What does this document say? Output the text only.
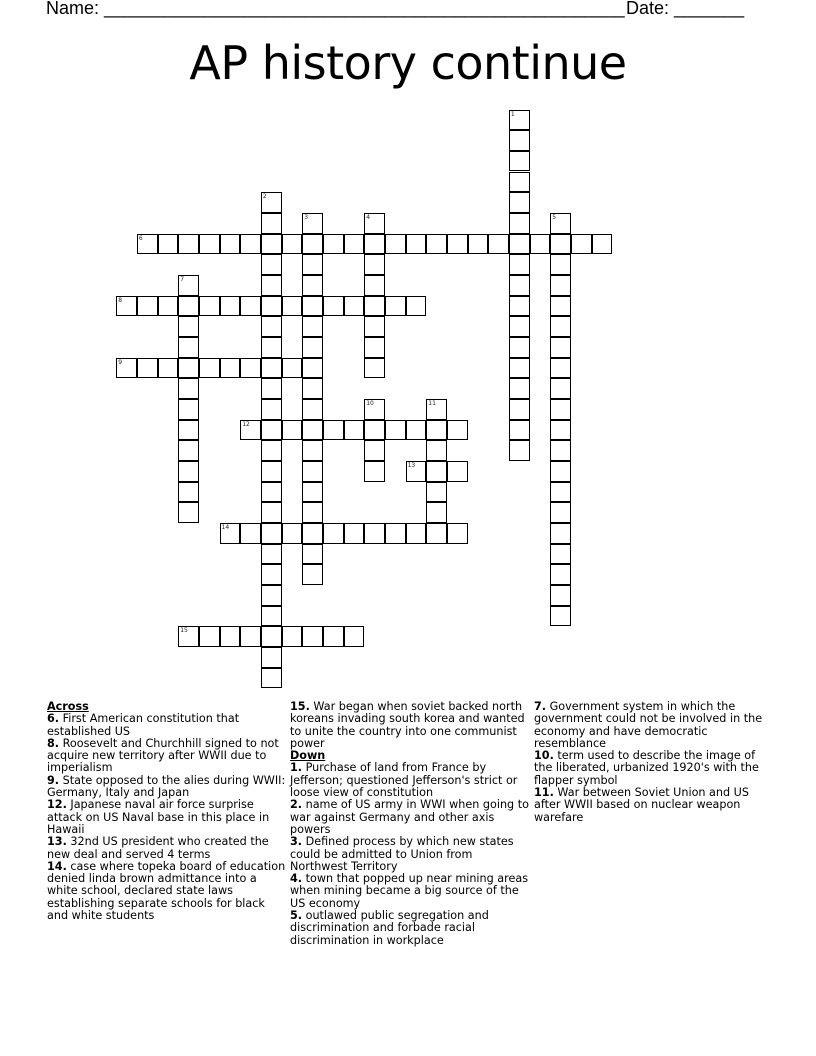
Name: ____________________________________________________ Date: _______
AP history continue
1
2
3	4	5
6
7
8
9
10	11
12
13
14
15
Across
6. First American constitution that established US
8. Roosevelt and Churchhill signed to not acquire new territory after WWII due to imperialism
9. State opposed to the alies during WWII: Germany, Italy and Japan
12. Japanese naval air force surprise attack on US Naval base in this place in Hawaii
13. 32nd US president who created the new deal and served 4 terms
14. case where topeka board of education denied linda brown admittance into a white school, declared state laws establishing separate schools for black and white students
15. War began when soviet backed north koreans invading south korea and wanted to unite the country into one communist power
Down
1. Purchase of land from France by Jefferson; questioned Jefferson's strict or loose view of constitution
2. name of US army in WWI when going to war against Germany and other axis powers
3. Defined process by which new states could be admitted to Union from Northwest Territory
4. town that popped up near mining areas when mining became a big source of the US economy
5. outlawed public segregation and discrimination and forbade racial discrimination in workplace
7. Government system in which the government could not be involved in the economy and have democratic resemblance
10. term used to describe the image of the liberated, urbanized 1920's with the flapper symbol
11. War between Soviet Union and US after WWII based on nuclear weapon warefare
